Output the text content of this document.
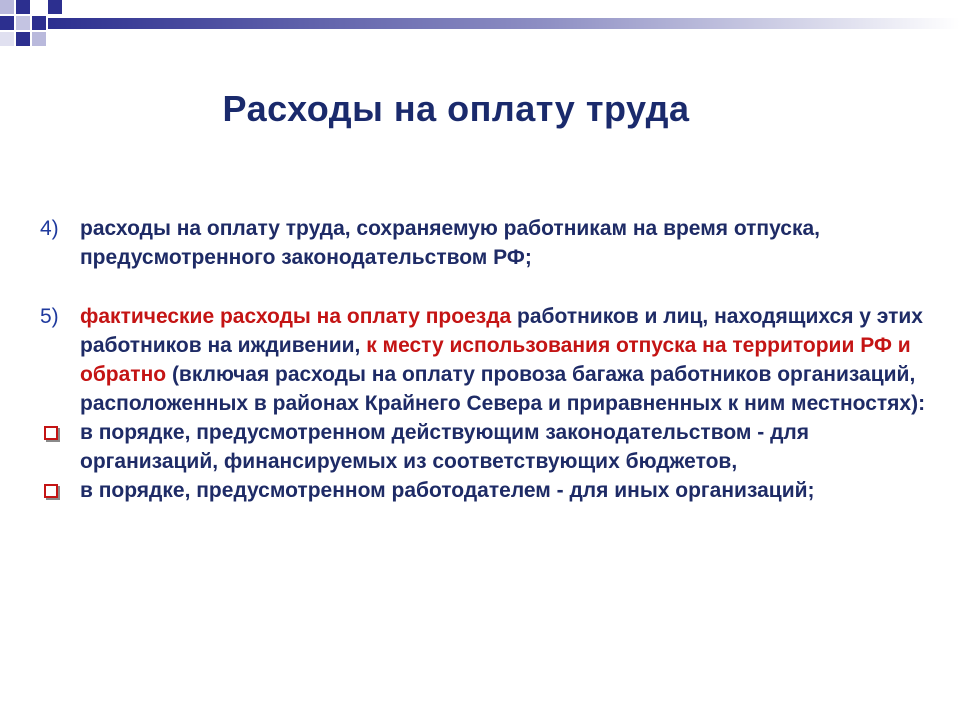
Расходы на оплату труда
4) расходы на оплату труда, сохраняемую работникам на время отпуска, предусмотренного законодательством РФ;
5) фактические расходы на оплату проезда работников и лиц, находящихся у этих работников на иждивении, к месту использования отпуска на территории РФ и обратно (включая расходы на оплату провоза багажа работников организаций, расположенных в районах Крайнего Севера и приравненных к ним местностях):
в порядке, предусмотренном действующим законодательством - для организаций, финансируемых из соответствующих бюджетов,
в порядке, предусмотренном работодателем - для иных организаций;
